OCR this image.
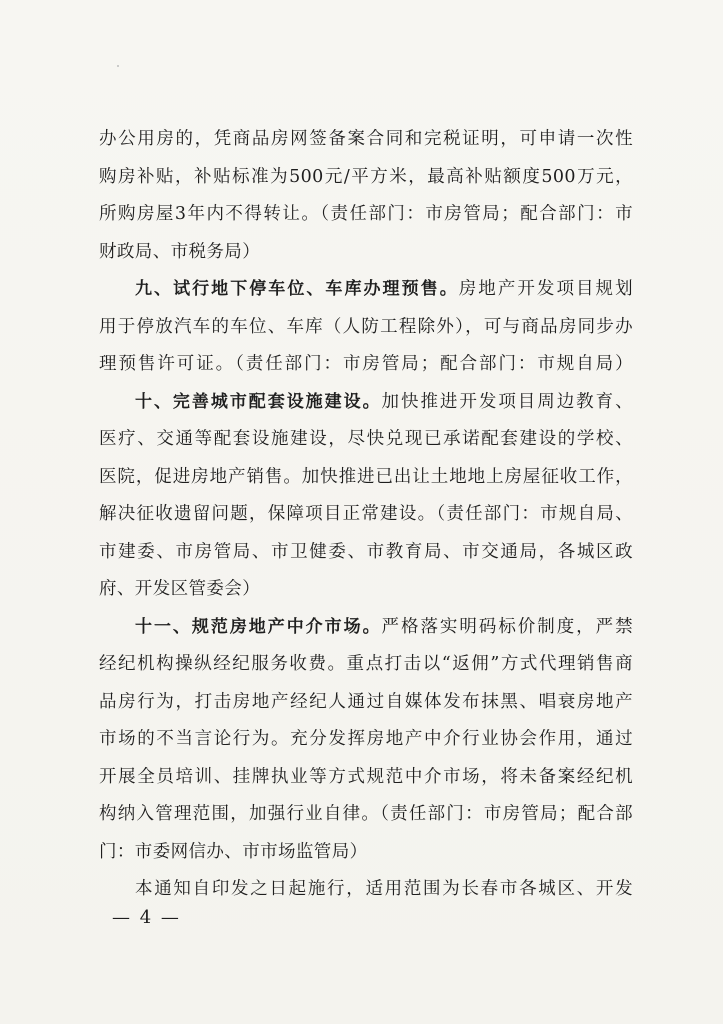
办公用房的，凭商品房网签备案合同和完税证明，可申请一次性
购房补贴，补贴标准为500元/平方米，最高补贴额度500万元，
所购房屋3年内不得转让。（责任部门：市房管局；配合部门：市
财政局、市税务局）
九、试行地下停车位、车库办理预售。房地产开发项目规划
用于停放汽车的车位、车库（人防工程除外），可与商品房同步办
理预售许可证。（责任部门：市房管局；配合部门：市规自局）
十、完善城市配套设施建设。加快推进开发项目周边教育、
医疗、交通等配套设施建设，尽快兑现已承诺配套建设的学校、
医院，促进房地产销售。加快推进已出让土地地上房屋征收工作，
解决征收遗留问题，保障项目正常建设。（责任部门：市规自局、
市建委、市房管局、市卫健委、市教育局、市交通局，各城区政
府、开发区管委会）
十一、规范房地产中介市场。严格落实明码标价制度，严禁
经纪机构操纵经纪服务收费。重点打击以“返佣”方式代理销售商
品房行为，打击房地产经纪人通过自媒体发布抹黑、唱衰房地产
市场的不当言论行为。充分发挥房地产中介行业协会作用，通过
开展全员培训、挂牌执业等方式规范中介市场，将未备案经纪机
构纳入管理范围，加强行业自律。（责任部门：市房管局；配合部
门：市委网信办、市市场监管局）
本通知自印发之日起施行，适用范围为长春市各城区、开发
— 4 —
